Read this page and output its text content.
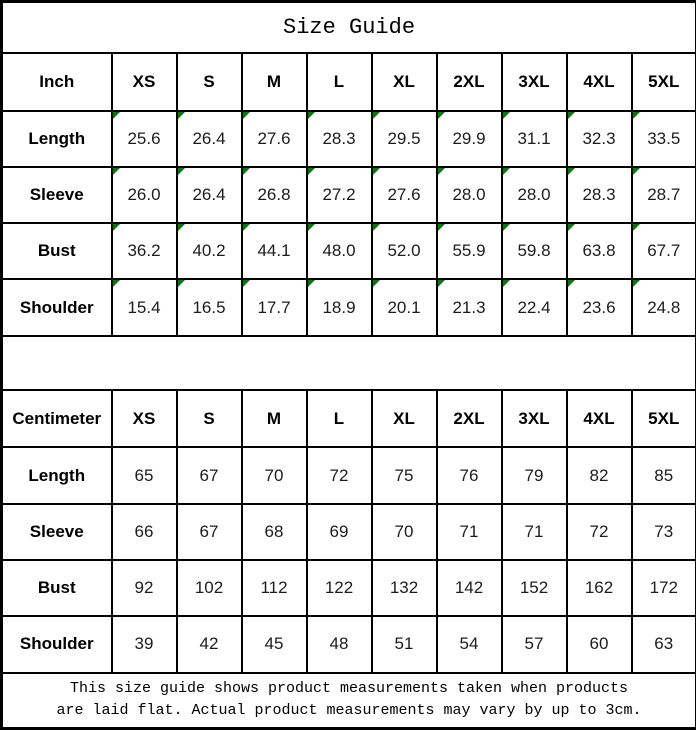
Size Guide									
Inch	XS	S	M	L	XL	2XL	3XL	4XL	5XL
Length	25.6	26.4	27.6	28.3	29.5	29.9	31.1	32.3	33.5
Sleeve	26.0	26.4	26.8	27.2	27.6	28.0	28.0	28.3	28.7
Bust	36.2	40.2	44.1	48.0	52.0	55.9	59.8	63.8	67.7
Shoulder	15.4	16.5	17.7	18.9	20.1	21.3	22.4	23.6	24.8

Centimeter	XS	S	M	L	XL	2XL	3XL	4XL	5XL
Length	65	67	70	72	75	76	79	82	85
Sleeve	66	67	68	69	70	71	71	72	73
Bust	92	102	112	122	132	142	152	162	172
Shoulder	39	42	45	48	51	54	57	60	63

This size guide shows product measurements taken when products
are laid flat. Actual product measurements may vary by up to 3cm.									
